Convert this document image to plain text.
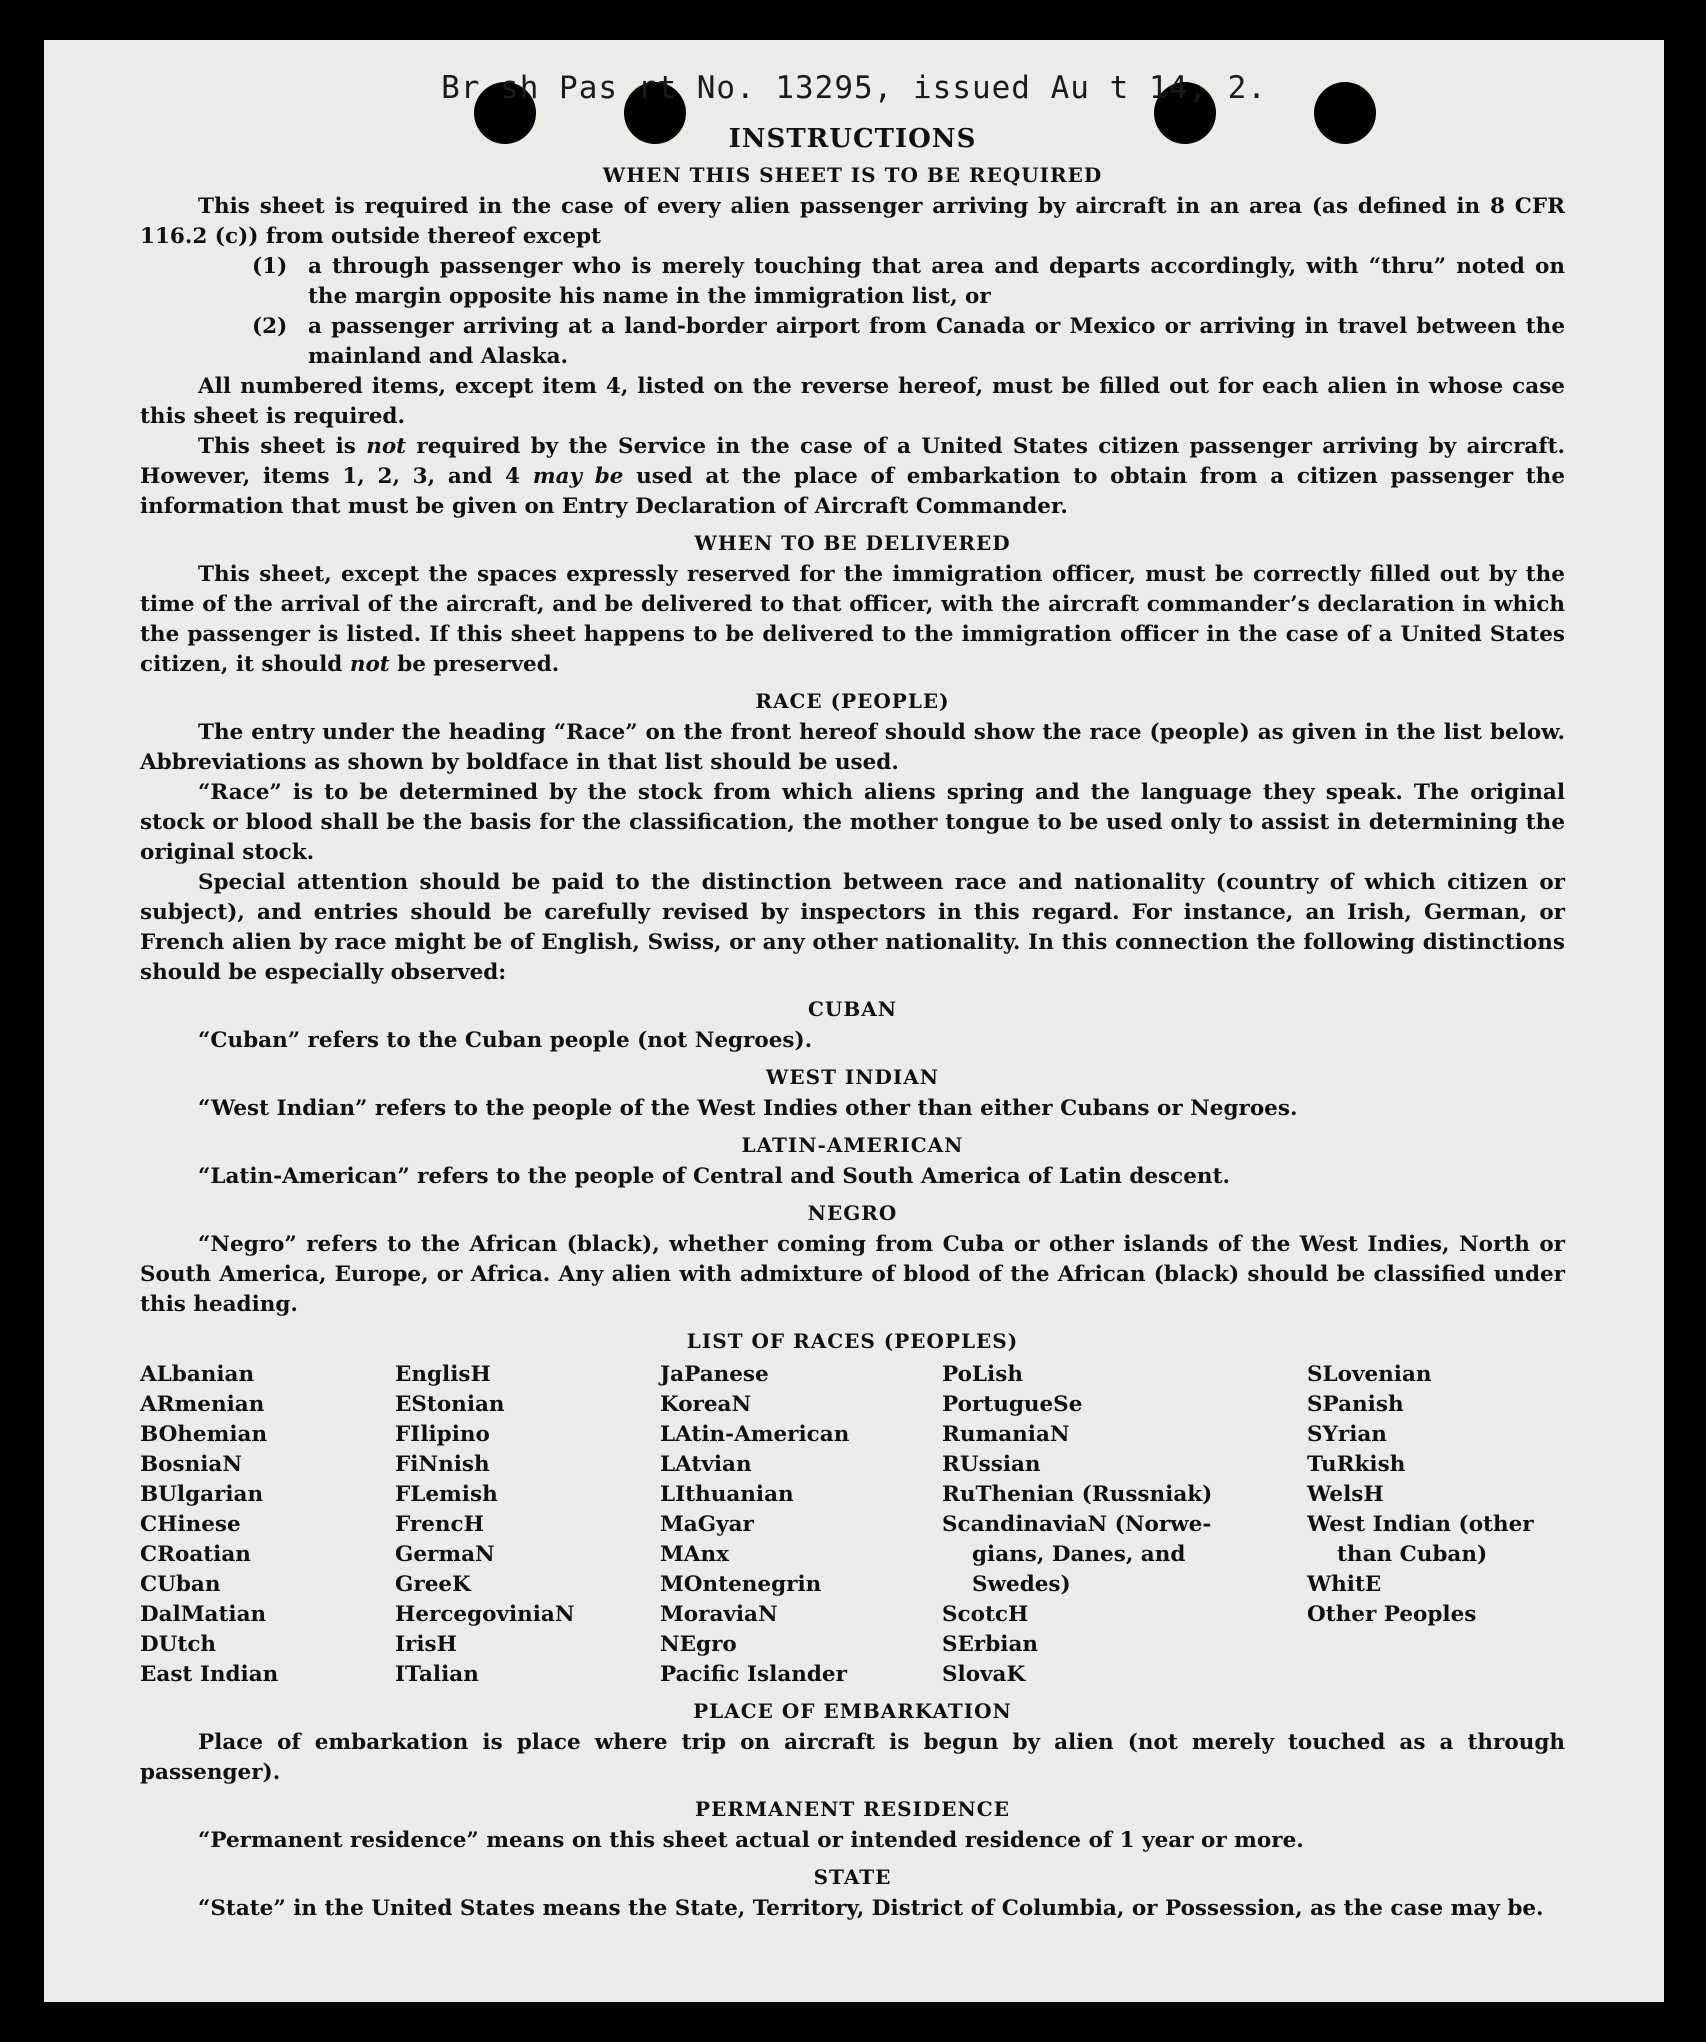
Br sh Pas rt No. 13295, issued Au t 14, 2.
INSTRUCTIONS
WHEN THIS SHEET IS TO BE REQUIRED

This sheet is required in the case of every alien passenger arriving by aircraft in an area (as defined in 8 CFR 116.2 (c)) from outside thereof except

(1) a through passenger who is merely touching that area and departs accordingly, with “thru” noted on the margin opposite his name in the immigration list, or
(2) a passenger arriving at a land-border airport from Canada or Mexico or arriving in travel between the mainland and Alaska.

All numbered items, except item 4, listed on the reverse hereof, must be filled out for each alien in whose case this sheet is required.

This sheet is not required by the Service in the case of a United States citizen passenger arriving by aircraft. However, items 1, 2, 3, and 4 may be used at the place of embarkation to obtain from a citizen passenger the information that must be given on Entry Declaration of Aircraft Commander.

WHEN TO BE DELIVERED

This sheet, except the spaces expressly reserved for the immigration officer, must be correctly filled out by the time of the arrival of the aircraft, and be delivered to that officer, with the aircraft commander’s declaration in which the passenger is listed. If this sheet happens to be delivered to the immigration officer in the case of a United States citizen, it should not be preserved.

RACE (PEOPLE)

The entry under the heading “Race” on the front hereof should show the race (people) as given in the list below. Abbreviations as shown by boldface in that list should be used.

“Race” is to be determined by the stock from which aliens spring and the language they speak. The original stock or blood shall be the basis for the classification, the mother tongue to be used only to assist in determining the original stock.

Special attention should be paid to the distinction between race and nationality (country of which citizen or subject), and entries should be carefully revised by inspectors in this regard. For instance, an Irish, German, or French alien by race might be of English, Swiss, or any other nationality. In this connection the following distinctions should be especially observed:

CUBAN

“Cuban” refers to the Cuban people (not Negroes).

WEST INDIAN

“West Indian” refers to the people of the West Indies other than either Cubans or Negroes.

LATIN-AMERICAN

“Latin-American” refers to the people of Central and South America of Latin descent.

NEGRO

“Negro” refers to the African (black), whether coming from Cuba or other islands of the West Indies, North or South America, Europe, or Africa. Any alien with admixture of blood of the African (black) should be classified under this heading.

LIST OF RACES (PEOPLES)
ALbanian
ARmenian
BOhemian
BosniaN
BUlgarian
CHinese
CRoatian
CUban
DalMatian
DUtch
East Indian
EnglisH
EStonian
FIlipino
FiNnish
FLemish
FrencH
GermaN
GreeK
HercegoviniaN
IrisH
ITalian
JaPanese
KoreaN
LAtin-American
LAtvian
LIthuanian
MaGyar
MAnx
MOntenegrin
MoraviaN
NEgro
Pacific Islander
PoLish
PortugueSe
RumaniaN
RUssian
RuThenian (Russniak)
ScandinaviaN (Norwe-
gians, Danes, and
Swedes)
ScotcH
SErbian
SlovaK
SLovenian
SPanish
SYrian
TuRkish
WelsH
West Indian (other
than Cuban)
WhitE
Other Peoples
PLACE OF EMBARKATION

Place of embarkation is place where trip on aircraft is begun by alien (not merely touched as a through passenger).

PERMANENT RESIDENCE

“Permanent residence” means on this sheet actual or intended residence of 1 year or more.

STATE

“State” in the United States means the State, Territory, District of Columbia, or Possession, as the case may be.
